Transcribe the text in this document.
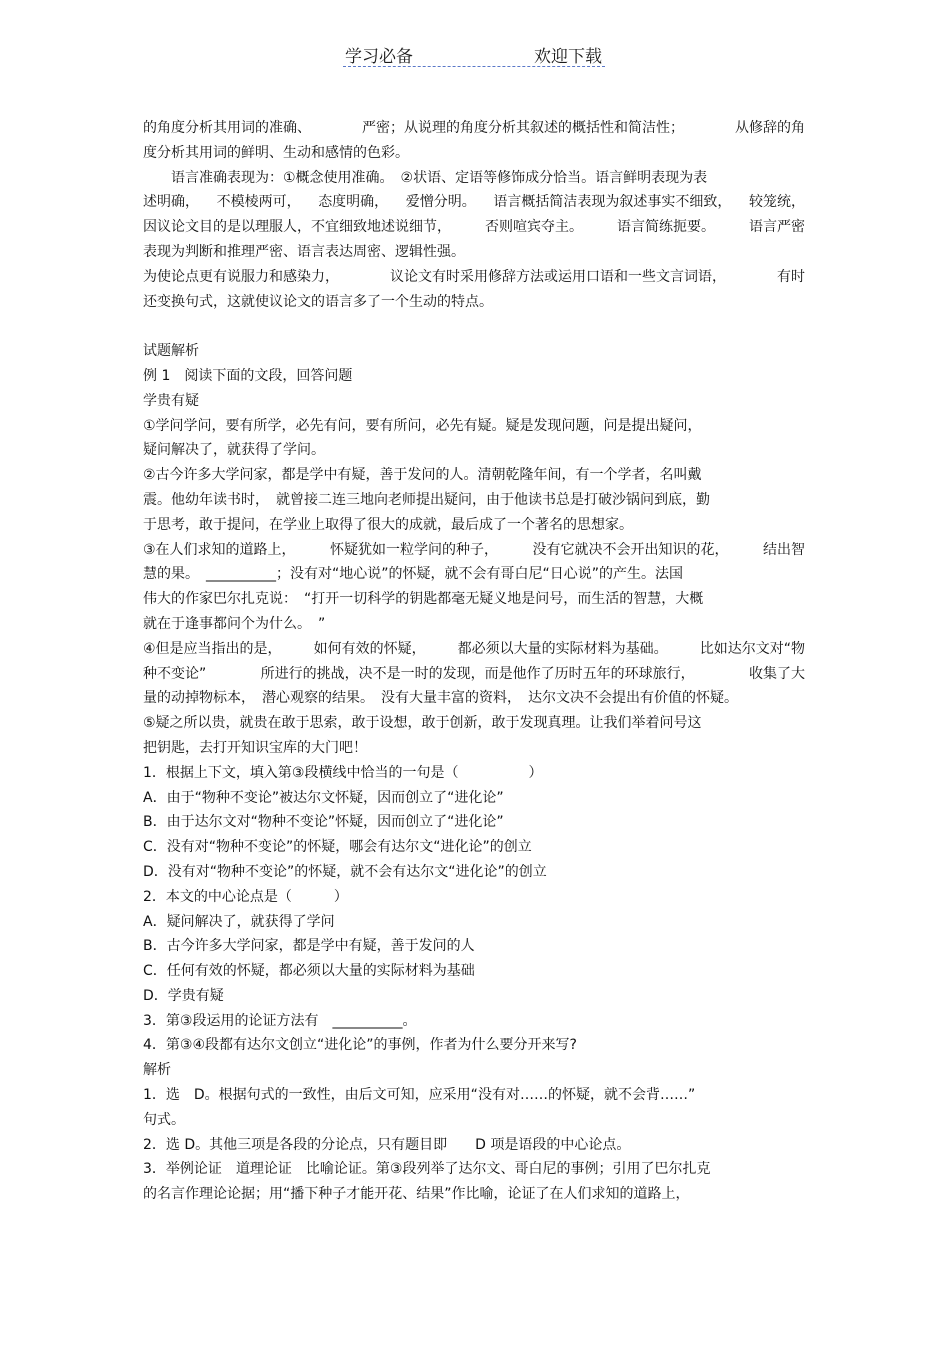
学习必备	欢迎下载
的角度分析其用词的准确、	严密；从说理的角度分析其叙述的概括性和简洁性；	从修辞的角
度分析其用词的鲜明、生动和感情的色彩。
　　语言准确表现为：①概念使用准确。　②状语、定语等修饰成分恰当。语言鲜明表现为表
述明确， 不模棱两可， 态度明确， 爱憎分明。 语言概括简洁表现为叙述事实不细致， 较笼统，
因议论文目的是以理服人，不宜细致地述说细节， 否则喧宾夺主。 语言简练扼要。 语言严密
表现为判断和推理严密、语言表达周密、逻辑性强。
为使论点更有说服力和感染力，	议论文有时采用修辞方法或运用口语和一些文言词语，	有时
还变换句式，这就使议论文的语言多了一个生动的特点。
试题解析
例 1　阅读下面的文段，回答问题
学贵有疑
①学问学问，要有所学，必先有问，要有所问，必先有疑。疑是发现问题，问是提出疑问，
疑问解决了，就获得了学问。
②古今许多大学问家，都是学中有疑，善于发问的人。清朝乾隆年间，有一个学者，名叫戴
震。他幼年读书时，　就曾接二连三地向老师提出疑问，由于他读书总是打破沙锅问到底，勤
于思考，敢于提问，在学业上取得了很大的成就，最后成了一个著名的思想家。
③在人们求知的道路上， 怀疑犹如一粒学问的种子， 没有它就决不会开出知识的花， 结出智
慧的果。　__________；没有对“地心说”的怀疑，就不会有哥白尼“日心说”的产生。法国
伟大的作家巴尔扎克说：　“打开一切科学的钥匙都毫无疑义地是问号，而生活的智慧，大概
就在于逢事都问个为什么。　”
④但是应当指出的是， 如何有效的怀疑， 都必须以大量的实际材料为基础。 比如达尔文对“物
种不变论”	所进行的挑战，决不是一时的发现，而是他作了历时五年的环球旅行，	收集了大
量的动掉物标本，　潜心观察的结果。　没有大量丰富的资料，　达尔文决不会提出有价值的怀疑。
⑤疑之所以贵，就贵在敢于思索，敢于设想，敢于创新，敢于发现真理。让我们举着问号这
把钥匙，去打开知识宝库的大门吧！
1．根据上下文，填入第③段横线中恰当的一句是（　　　　　）
A．由于“物种不变论”被达尔文怀疑，因而创立了“进化论”
B．由于达尔文对“物种不变论”怀疑，因而创立了“进化论”
C．没有对“物种不变论”的怀疑，哪会有达尔文“进化论”的创立
D．没有对“物种不变论”的怀疑，就不会有达尔文“进化论”的创立
2．本文的中心论点是（　　　）
A．疑问解决了，就获得了学问
B．古今许多大学问家，都是学中有疑，善于发问的人
C．任何有效的怀疑，都必须以大量的实际材料为基础
D．学贵有疑
3．第③段运用的论证方法有　__________。
4．第③④段都有达尔文创立“进化论”的事例，作者为什么要分开来写?
解析
1．选　D。根据句式的一致性，由后文可知，应采用“没有对……的怀疑，就不会背……”
句式。
2．选 D。其他三项是各段的分论点，只有题目即　　D 项是语段的中心论点。
3．举例论证　道理论证　比喻论证。第③段列举了达尔文、哥白尼的事例；引用了巴尔扎克
的名言作理论论据；用“播下种子才能开花、结果”作比喻，论证了在人们求知的道路上，
